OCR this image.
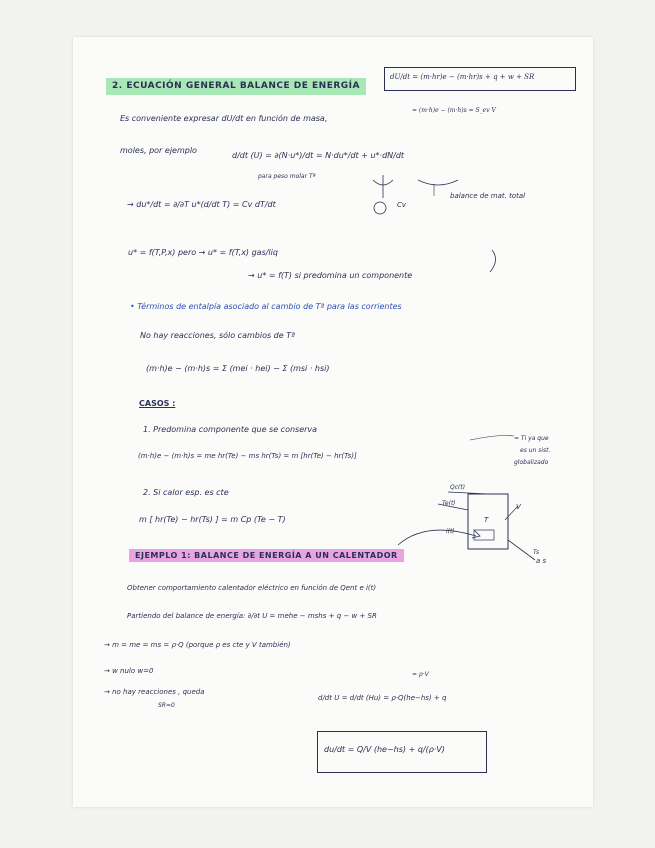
2. ECUACIÓN GENERAL BALANCE DE ENERGÍA
dU/dt = (m·hr)e − (m·hr)s + q + w + SR
= (m·h)e − (m·h)s = S_ev V
Es conveniente expresar dU/dt en función de masa,
moles, por ejemplo
d/dt (U) = ∂(N·u*)/dt = N·du*/dt + u*·dN/dt
para peso molar Tª
balance de mat. total
→ du*/dt = ∂/∂T u*(d/dt T) = Cv dT/dt	Cv
u* = f(T,P,x) pero → u* = f(T,x) gas/liq
→ u* = f(T) si predomina un componente
• Términos de entalpía asociado al cambio de Tª para las corrientes
No hay reacciones, sólo cambios de Tª
(m·h)e − (m·h)s = Σ (mei · hei) − Σ (msi · hsi)
CASOS :
1. Predomina componente que se conserva
(m·h)e − (m·h)s = me hr(Te) − ms hr(Ts) = m [hr(Te) − hr(Ts)]
= Ti ya que
es un sist.
globalizado
2. Si calor esp. es cte
m [ hr(Te) − hr(Ts) ] = m Cp (Te − T)
Qc(t)
Te(t)
i(t)
T
V
Ts
a s
EJEMPLO 1: BALANCE DE ENERGÍA A UN CALENTADOR
Obtener comportamiento calentador eléctrico en función de Qent e i(t)
Partiendo del balance de energía: ∂/∂t U = mehe − mshs + q − w + SR
→ m = me = ms = ρ·Q (porque ρ es cte y V también)
→ w nulo w=0
→ no hay reacciones , queda
SR=0
= ρ·V
d/dt U = d/dt (Hu) = ρ·Q(he−hs) + q
du/dt = Q/V (he−hs) + q/(ρ·V)
